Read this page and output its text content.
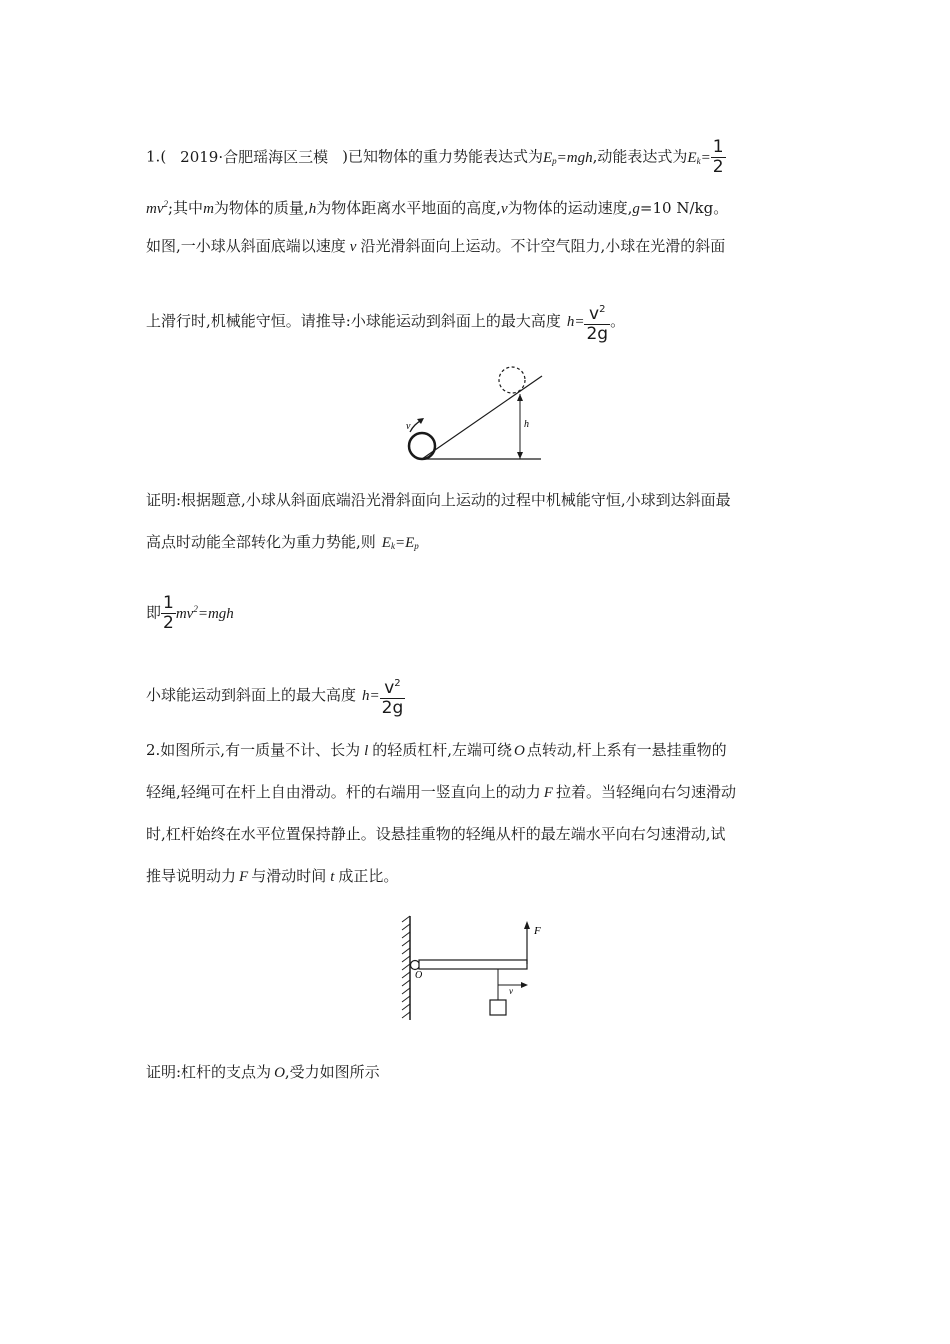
1.( 2019·合肥瑶海区三模 )已知物体的重力势能表达式为$E_p=mgh$,动能表达式为$E_k= \frac{1}{2}$
$mv^2$;其中m为物体的质量,h为物体距离水平地面的高度,v为物体的运动速度,g=10 N/kg。
如图,一小球从斜面底端以速度 v 沿光滑斜面向上运动。不计空气阻力,小球在光滑的斜面
上滑行时,机械能守恒。请推导:小球能运动到斜面上的最大高度 $h= \frac{v^2}{2g}$ 。
v	h
证明:根据题意,小球从斜面底端沿光滑斜面向上运动的过程中机械能守恒,小球到达斜面最
高点时动能全部转化为重力势能,则 $E_k=E_p$
即 $\frac{1}{2} mv^2=mgh$
小球能运动到斜面上的最大高度 $h= \frac{v^2}{2g}$
2.如图所示,有一质量不计、长为 l 的轻质杠杆,左端可绕 O 点转动,杆上系有一悬挂重物的
轻绳,轻绳可在杆上自由滑动。杆的右端用一竖直向上的动力 F 拉着。当轻绳向右匀速滑动
时,杠杆始终在水平位置保持静止。设悬挂重物的轻绳从杆的最左端水平向右匀速滑动,试
推导说明动力 F 与滑动时间 t 成正比。
F
O
v
证明:杠杆的支点为 O,受力如图所示
